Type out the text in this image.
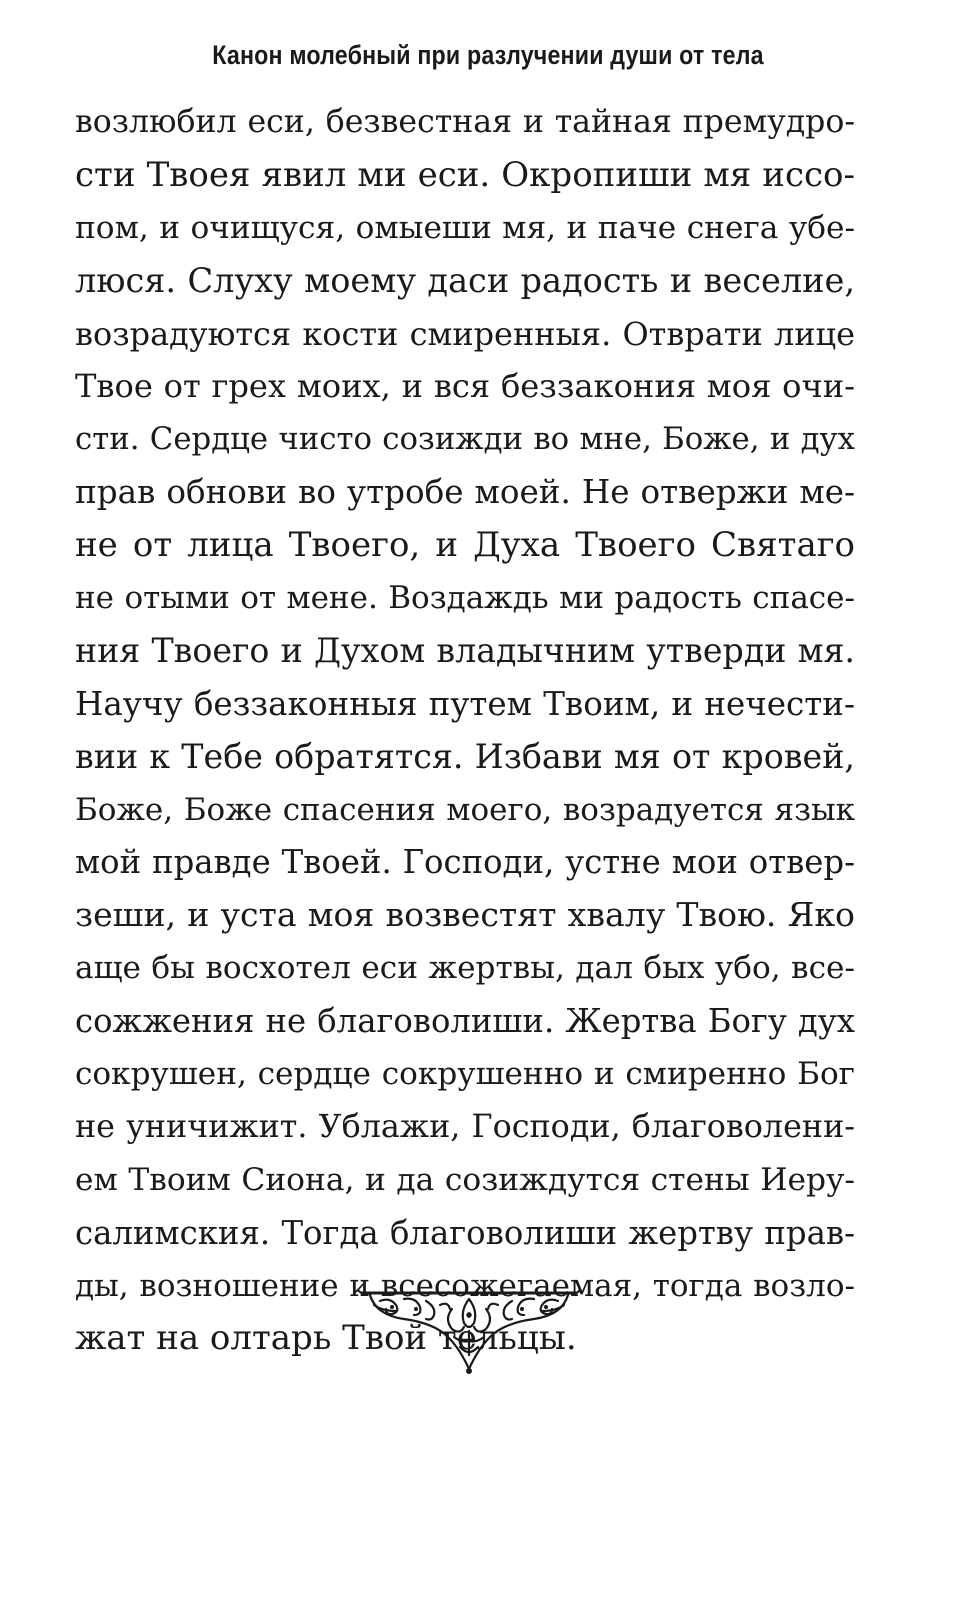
Канон молебный при разлучении души от тела
возлюбил еси, безвестная и тайная премудро-
сти Твоея явил ми еси. Окропиши мя иссо-
пом, и очищуся, омыеши мя, и паче снега убе-
люся. Слуху моему даси радость и веселие,
возрадуются кости смиренныя. Отврати лице
Твое от грех моих, и вся беззакония моя очи-
сти. Сердце чисто созижди во мне, Боже, и дух
прав обнови во утробе моей. Не отвержи ме-
не от лица Твоего, и Духа Твоего Святаго
не отыми от мене. Воздаждь ми радость спасе-
ния Твоего и Духом владычним утверди мя.
Научу беззаконныя путем Твоим, и нечести-
вии к Тебе обратятся. Избави мя от кровей,
Боже, Боже спасения моего, возрадуется язык
мой правде Твоей. Господи, устне мои отвер-
зеши, и уста моя возвестят хвалу Твою. Яко
аще бы восхотел еси жертвы, дал бых убо, все-
сожжения не благоволиши. Жертва Богу дух
сокрушен, сердце сокрушенно и смиренно Бог
не уничижит. Ублажи, Господи, благоволени-
ем Твоим Сиона, и да созиждутся стены Иеру-
салимския. Тогда благоволиши жертву прав-
ды, возношение и всесожегаемая, тогда возло-
жат на олтарь Твой тельцы.
